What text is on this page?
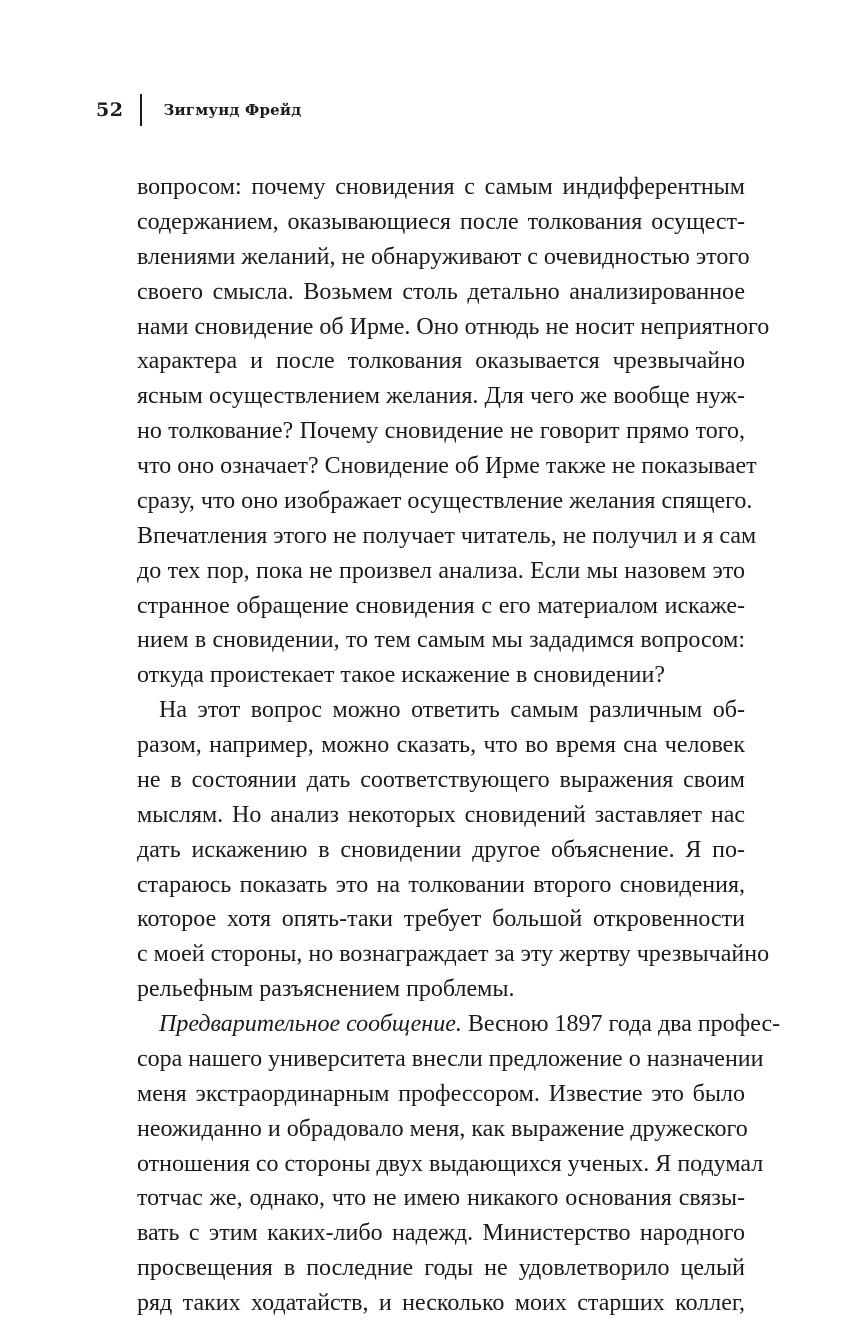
52	Зигмунд Фрейд
вопросом: почему сновидения с самым индифферентным
содержанием, оказывающиеся после толкования осущест-
влениями желаний, не обнаруживают с очевидностью этого
своего смысла. Возьмем столь детально анализированное
нами сновидение об Ирме. Оно отнюдь не носит неприятного
характера и после толкования оказывается чрезвычайно
ясным осуществлением желания. Для чего же вообще нуж-
но толкование? Почему сновидение не говорит прямо того,
что оно означает? Сновидение об Ирме также не показывает
сразу, что оно изображает осуществление желания спящего.
Впечатления этого не получает читатель, не получил и я сам
до тех пор, пока не произвел анализа. Если мы назовем это
странное обращение сновидения с его материалом искаже-
нием в сновидении, то тем самым мы зададимся вопросом:
откуда проистекает такое искажение в сновидении?
На этот вопрос можно ответить самым различным об-
разом, например, можно сказать, что во время сна человек
не в состоянии дать соответствующего выражения своим
мыслям. Но анализ некоторых сновидений заставляет нас
дать искажению в сновидении другое объяснение. Я по-
стараюсь показать это на толковании второго сновидения,
которое хотя опять-таки требует большой откровенности
с моей стороны, но вознаграждает за эту жертву чрезвычайно
рельефным разъяснением проблемы.
Предварительное сообщение. Весною 1897 года два профес-
сора нашего университета внесли предложение о назначении
меня экстраординарным профессором. Известие это было
неожиданно и обрадовало меня, как выражение дружеского
отношения со стороны двух выдающихся ученых. Я подумал
тотчас же, однако, что не имею никакого основания связы-
вать с этим каких-либо надежд. Министерство народного
просвещения в последние годы не удовлетворило целый
ряд таких ходатайств, и несколько моих старших коллег,
